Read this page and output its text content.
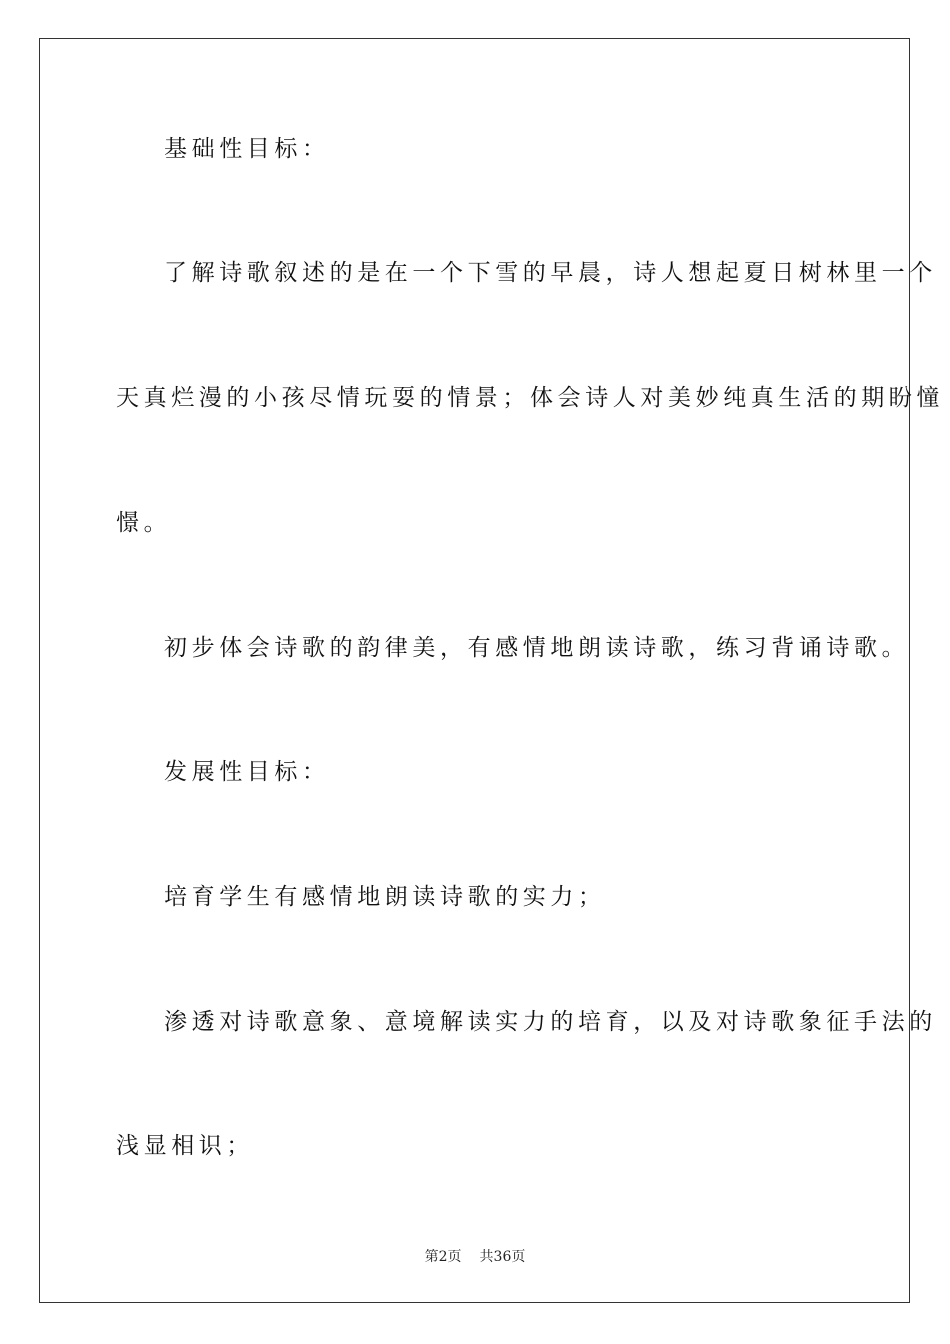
基础性目标：
了解诗歌叙述的是在一个下雪的早晨，诗人想起夏日树林里一个
天真烂漫的小孩尽情玩耍的情景；体会诗人对美妙纯真生活的期盼憧
憬。
初步体会诗歌的韵律美，有感情地朗读诗歌，练习背诵诗歌。
发展性目标：
培育学生有感情地朗读诗歌的实力；
渗透对诗歌意象、意境解读实力的培育，以及对诗歌象征手法的
浅显相识；
第2页 共36页
